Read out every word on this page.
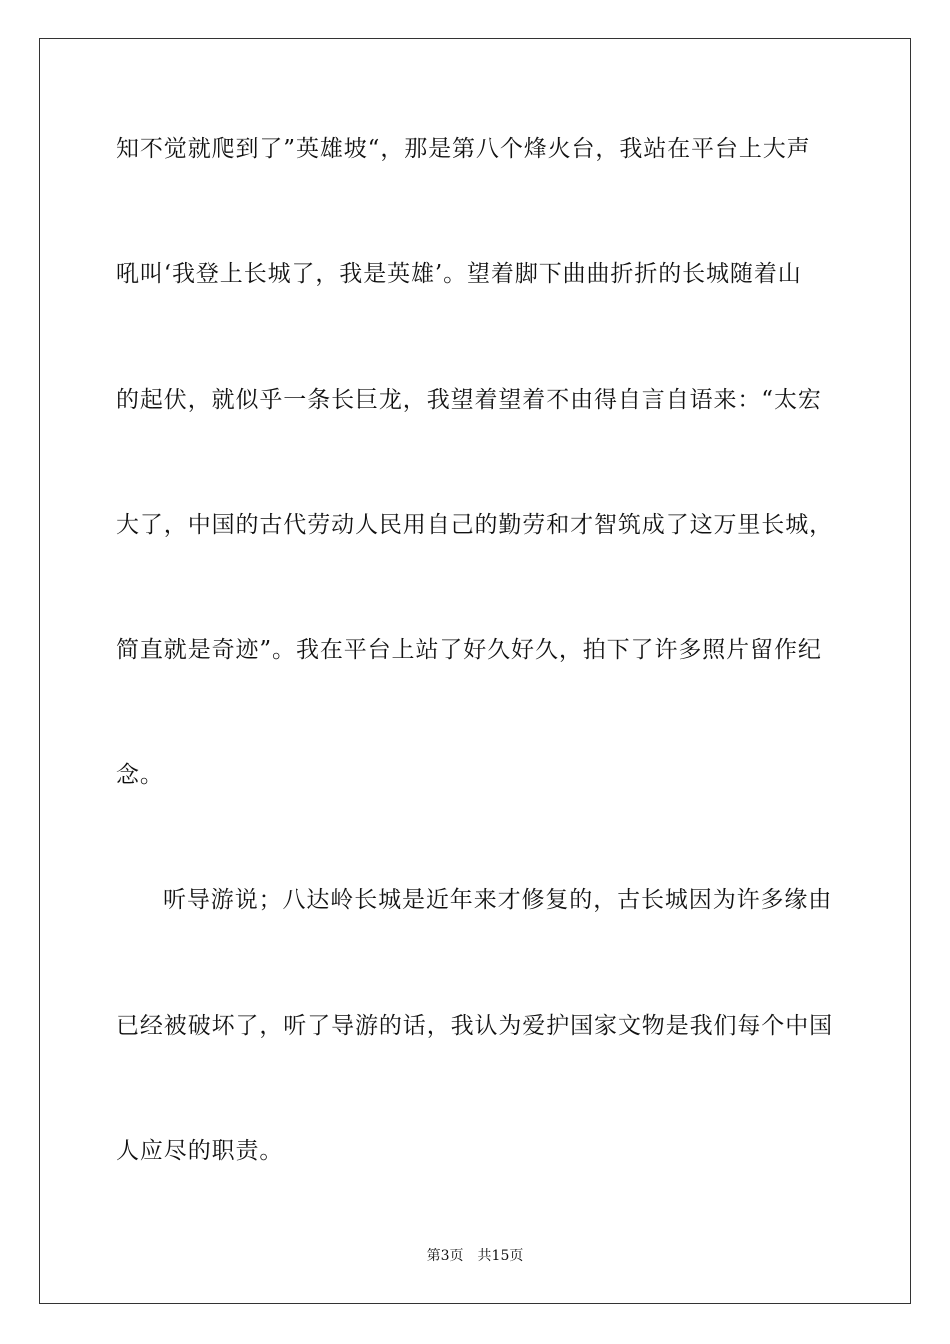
知不觉就爬到了”英雄坡“，那是第八个烽火台，我站在平台上大声
吼叫‘我登上长城了，我是英雄’。望着脚下曲曲折折的长城随着山
的起伏，就似乎一条长巨龙，我望着望着不由得自言自语来：“太宏
大了，中国的古代劳动人民用自己的勤劳和才智筑成了这万里长城，
简直就是奇迹”。我在平台上站了好久好久，拍下了许多照片留作纪
念。
听导游说；八达岭长城是近年来才修复的，古长城因为许多缘由
已经被破坏了，听了导游的话，我认为爱护国家文物是我们每个中国
人应尽的职责。
第3页 共15页
